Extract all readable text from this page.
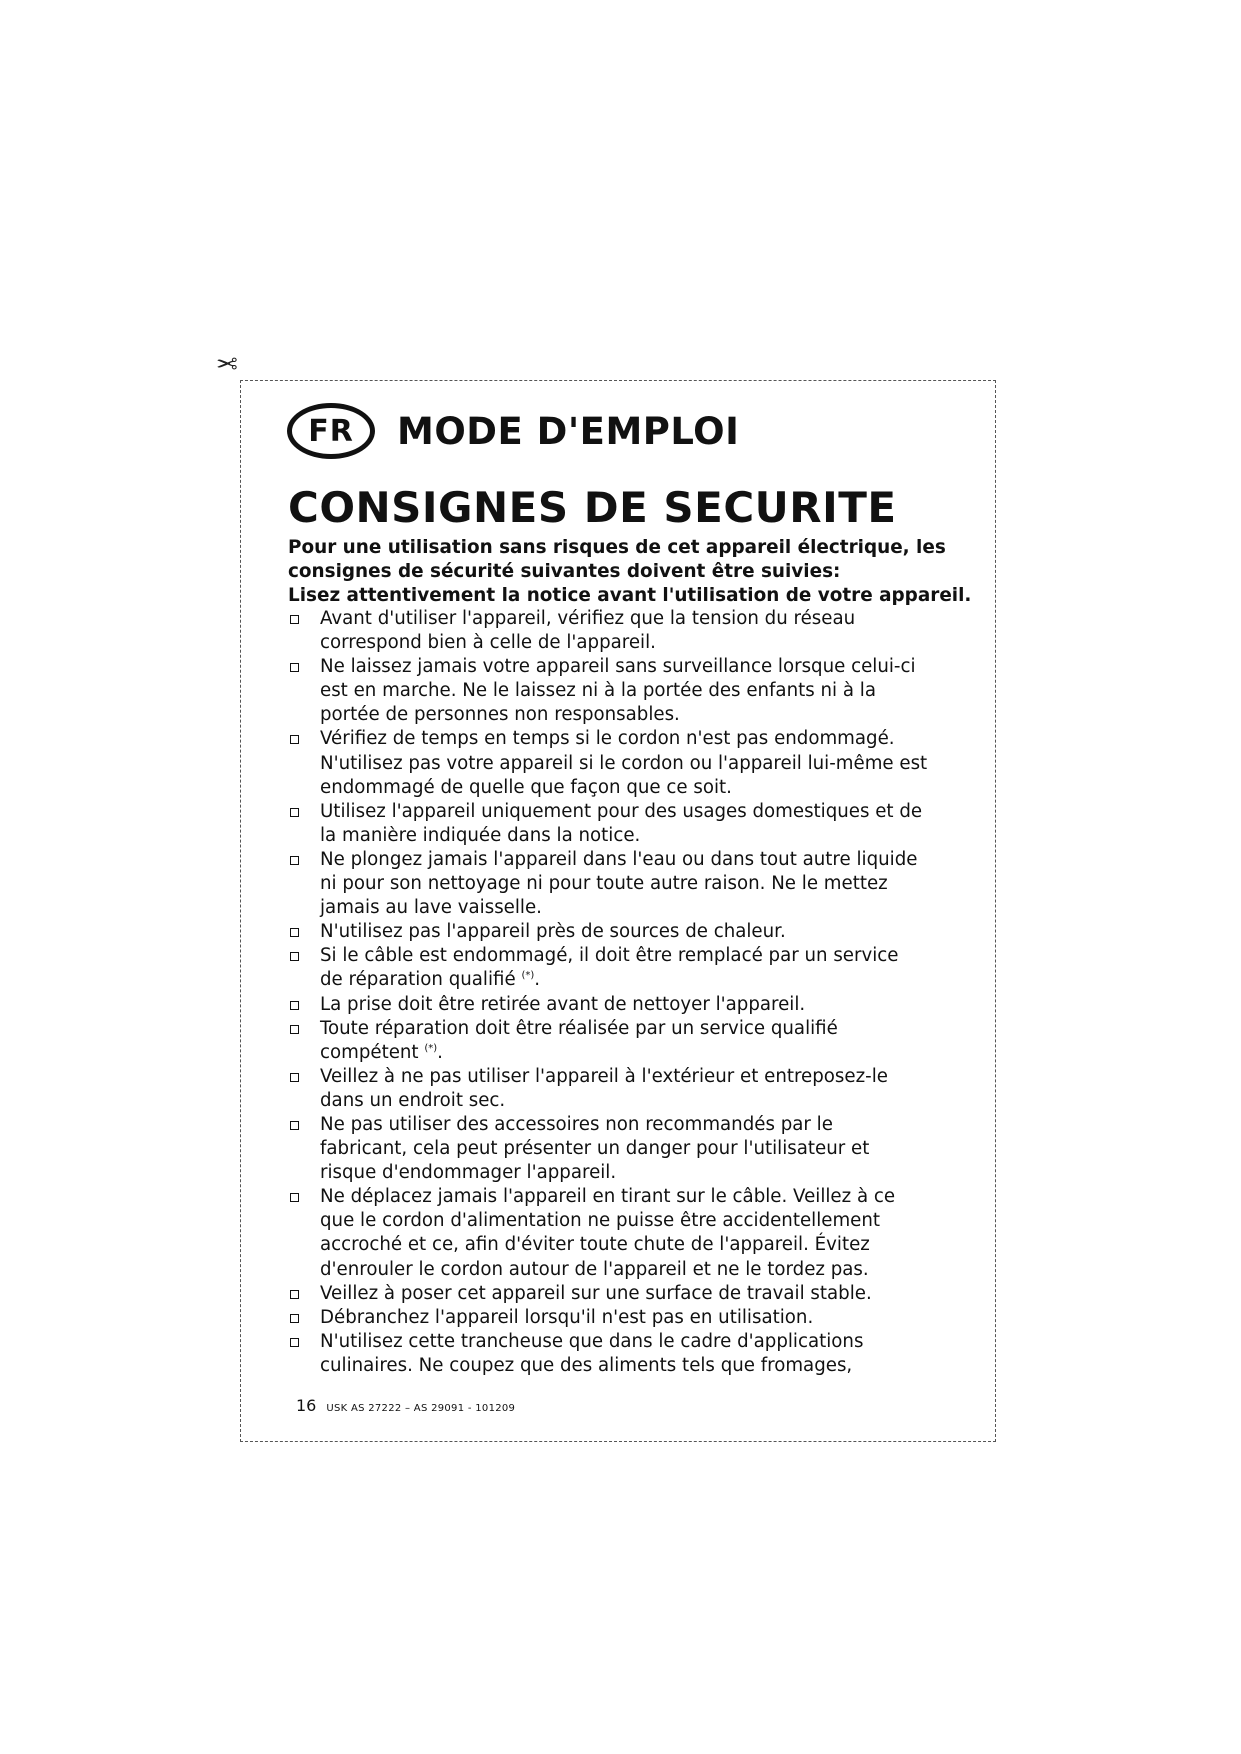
✂
FR	MODE D'EMPLOI
CONSIGNES DE SECURITE

Pour une utilisation sans risques de cet appareil électrique, les

consignes de sécurité suivantes doivent être suivies:

Lisez attentivement la notice avant l'utilisation de votre appareil.

Avant d'utiliser l'appareil, vérifiez que la tension du réseau
correspond bien à celle de l'appareil.
Ne laissez jamais votre appareil sans surveillance lorsque celui-ci
est en marche. Ne le laissez ni à la portée des enfants ni à la
portée de personnes non responsables.
Vérifiez de temps en temps si le cordon n'est pas endommagé.
N'utilisez pas votre appareil si le cordon ou l'appareil lui-même est
endommagé de quelle que façon que ce soit.
Utilisez l'appareil uniquement pour des usages domestiques et de
la manière indiquée dans la notice.
Ne plongez jamais l'appareil dans l'eau ou dans tout autre liquide
ni pour son nettoyage ni pour toute autre raison. Ne le mettez
jamais au lave vaisselle.
N'utilisez pas l'appareil près de sources de chaleur.
Si le câble est endommagé, il doit être remplacé par un service
de réparation qualifié (*).
La prise doit être retirée avant de nettoyer l'appareil.
Toute réparation doit être réalisée par un service qualifié
compétent (*).
Veillez à ne pas utiliser l'appareil à l'extérieur et entreposez-le
dans un endroit sec.
Ne pas utiliser des accessoires non recommandés par le
fabricant, cela peut présenter un danger pour l'utilisateur et
risque d'endommager l'appareil.
Ne déplacez jamais l'appareil en tirant sur le câble. Veillez à ce
que le cordon d'alimentation ne puisse être accidentellement
accroché et ce, afin d'éviter toute chute de l'appareil. Évitez
d'enrouler le cordon autour de l'appareil et ne le tordez pas.
Veillez à poser cet appareil sur une surface de travail stable.
Débranchez l'appareil lorsqu'il n'est pas en utilisation.
N'utilisez cette trancheuse que dans le cadre d'applications
culinaires. Ne coupez que des aliments tels que fromages,
16 USK AS 27222 – AS 29091 - 101209
